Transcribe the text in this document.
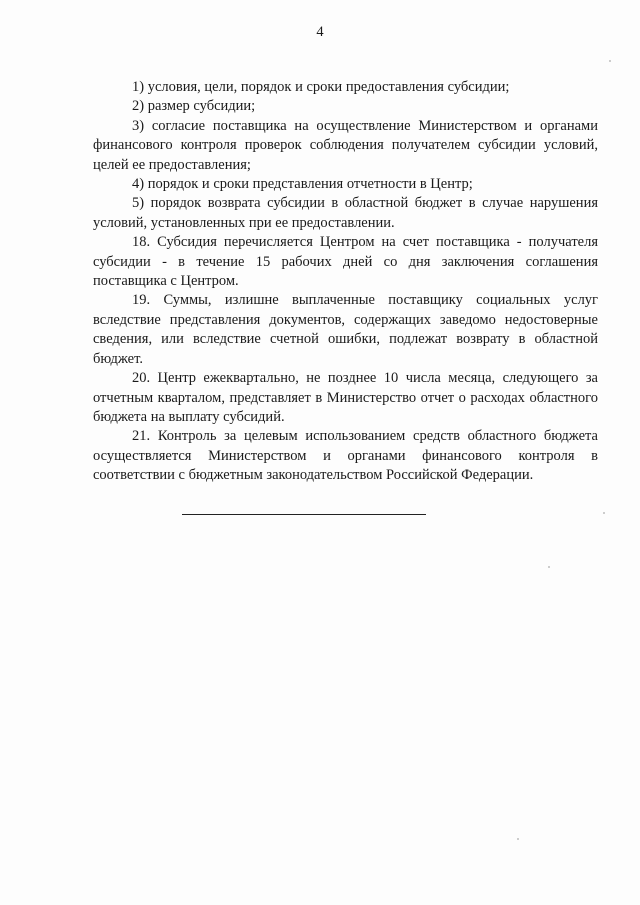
4

1) условия, цели, порядок и сроки предоставления субсидии;

2) размер субсидии;

3) согласие поставщика на осуществление Министерством и органами финансового контроля проверок соблюдения получателем субсидии условий, целей ее предоставления;

4) порядок и сроки представления отчетности в Центр;

5) порядок возврата субсидии в областной бюджет в случае нарушения условий, установленных при ее предоставлении.

18. Субсидия перечисляется Центром на счет поставщика - получателя субсидии - в течение 15 рабочих дней со дня заключения соглашения поставщика с Центром.

19. Суммы, излишне выплаченные поставщику социальных услуг вследствие представления документов, содержащих заведомо недостоверные сведения, или вследствие счетной ошибки, подлежат возврату в областной бюджет.

20. Центр ежеквартально, не позднее 10 числа месяца, следующего за отчетным кварталом, представляет в Министерство отчет о расходах областного бюджета на выплату субсидий.

21. Контроль за целевым использованием средств областного бюджета осуществляется Министерством и органами финансового контроля в соответствии с бюджетным законодательством Российской Федерации.
